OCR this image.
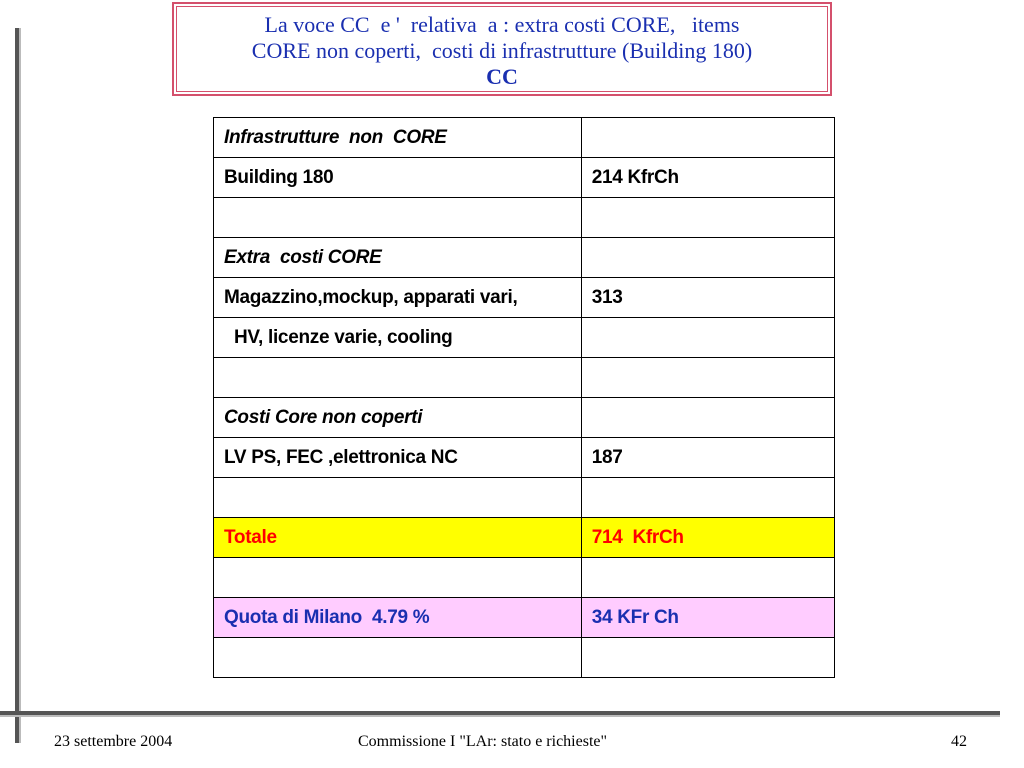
La voce CC  e '  relativa  a : extra costi CORE,   items
CORE non coperti,  costi di infrastrutture (Building 180)
CC
Infrastrutture  non  CORE	
Building 180	214 KfrCh

Extra  costi CORE	
Magazzino,mockup, apparati vari,	313
HV, licenze varie, cooling	

Costi Core non coperti	
LV PS, FEC ,elettronica NC	187

Totale	714  KfrCh

Quota di Milano  4.79 %	34 KFr Ch

23 settembre 2004	Commissione I "LAr: stato e richieste"	42
